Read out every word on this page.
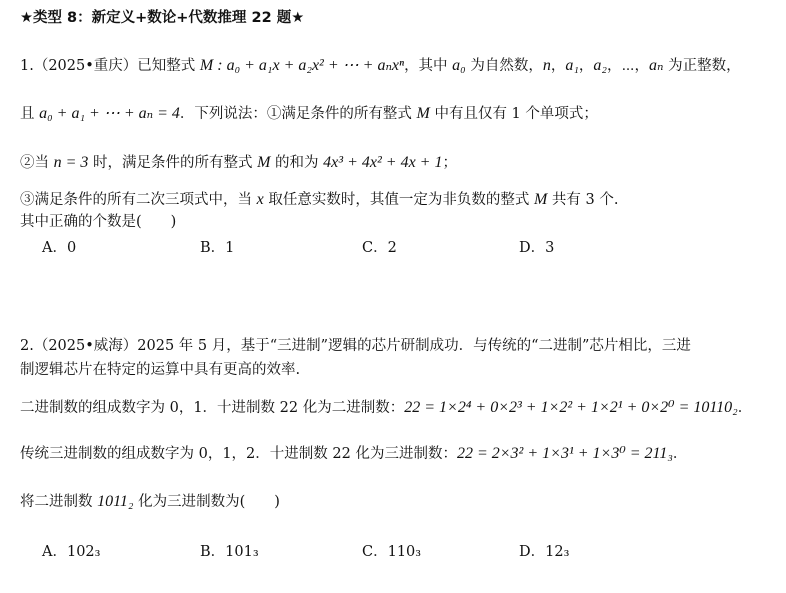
★类型 8：新定义+数论+代数推理 22 题★
1.（2025•重庆）已知整式 M : a₀ + a₁x + a₂x² + ⋯ + aₙxⁿ，其中 a₀ 为自然数，n，a₁，a₂，⋯，aₙ 为正整数，
且 a₀ + a₁ + ⋯ + aₙ = 4．下列说法：①满足条件的所有整式 M 中有且仅有 1 个单项式；
②当 n = 3 时，满足条件的所有整式 M 的和为 4x³ + 4x² + 4x + 1；
③满足条件的所有二次三项式中，当 x 取任意实数时，其值一定为非负数的整式 M 共有 3 个.
其中正确的个数是(　　)
A．0	B．1	C．2	D．3
2.（2025•威海）2025 年 5 月，基于“三进制”逻辑的芯片研制成功．与传统的“二进制”芯片相比，三进
制逻辑芯片在特定的运算中具有更高的效率.
二进制数的组成数字为 0，1．十进制数 22 化为二进制数：22 = 1×2⁴ + 0×2³ + 1×2² + 1×2¹ + 0×2⁰ = 10110₂．
传统三进制数的组成数字为 0，1，2．十进制数 22 化为三进制数：22 = 2×3² + 1×3¹ + 1×3⁰ = 211₃．
将二进制数 1011₂ 化为三进制数为(　　)
A．102₃	B．101₃	C．110₃	D．12₃
